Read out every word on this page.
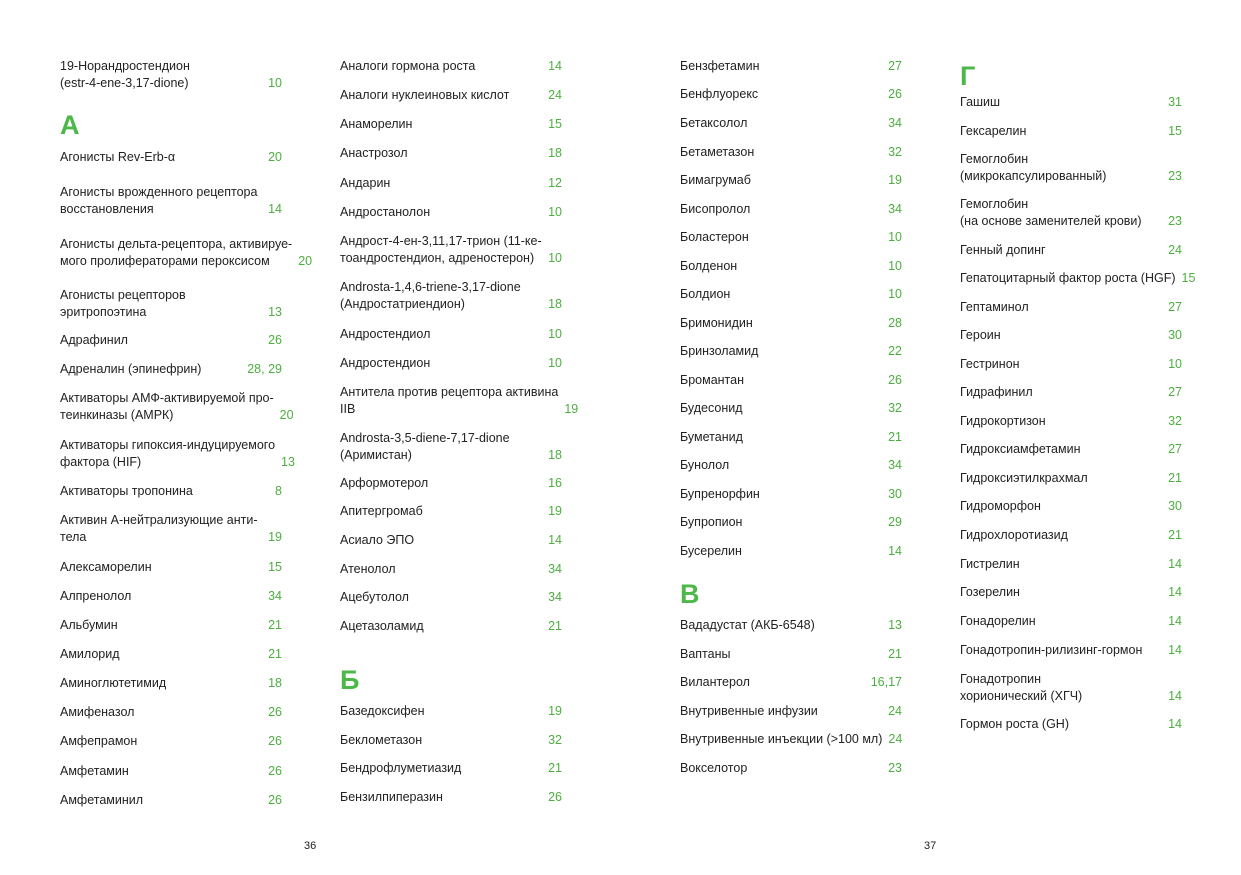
19-Норандростендион
(estr-4-ene-3,17-dione)	10
А
Агонисты Rev-Erb-α	20
Агонисты врожденного рецептора
восстановления	14
Агонисты дельта-рецептора, активируе-
мого пролифераторами пероксисом	20
Агонисты рецепторов
эритропоэтина	13
Адрафинил	26
Адреналин (эпинефрин)	28, 29
Активаторы АМФ-активируемой про-
теинкиназы (АМРК)	20
Активаторы гипоксия-индуцируемого
фактора (HIF)	13
Активаторы тропонина	8
Активин А-нейтрализующие анти-
тела	19
Алексаморелин	15
Алпренолол	34
Альбумин	21
Амилорид	21
Аминоглютетимид	18
Амифеназол	26
Амфепрамон	26
Амфетамин	26
Амфетаминил	26
Аналоги гормона роста	14
Аналоги нуклеиновых кислот	24
Анаморелин	15
Анастрозол	18
Андарин	12
Андростанолон	10
Андрост-4-ен-3,11,17-трион (11-ке-
тоандростендион, адреностерон)	10
Androsta-1,4,6-triene-3,17-dione
(Андростатриендион)	18
Андростендиол	10
Андростендион	10
Антитела против рецептора активина
IIB	19
Androsta-3,5-diene-7,17-dione
(Аримистан)	18
Арформотерол	16
Апитергромаб	19
Асиало ЭПО	14
Атенолол	34
Ацебутолол	34
Ацетазоламид	21
Б
Базедоксифен	19
Беклометазон	32
Бендрофлуметиазид	21
Бензилпиперазин	26
Бензфетамин	27
Бенфлуорекс	26
Бетаксолол	34
Бетаметазон	32
Бимагрумаб	19
Бисопролол	34
Боластерон	10
Болденон	10
Болдион	10
Бримонидин	28
Бринзоламид	22
Бромантан	26
Будесонид	32
Буметанид	21
Бунолол	34
Бупренорфин	30
Бупропион	29
Бусерелин	14
В
Вададустат (АКБ-6548)	13
Ваптаны	21
Вилантерол	16,17
Внутривенные инфузии	24
Внутривенные инъекции (>100 мл) 24
Вокселотор	23
Г
Гашиш	31
Гексарелин	15
Гемоглобин
(микрокапсулированный)	23
Гемоглобин
(на основе заменителей крови)	23
Генный допинг	24
Гепатоцитарный фактор роста (HGF) 15
Гептаминол	27
Героин	30
Гестринон	10
Гидрафинил	27
Гидрокортизон	32
Гидроксиамфетамин	27
Гидроксиэтилкрахмал	21
Гидроморфон	30
Гидрохлоротиазид	21
Гистрелин	14
Гозерелин	14
Гонадорелин	14
Гонадотропин-рилизинг-гормон	14
Гонадотропин
хорионический (ХГЧ)	14
Гормон роста (GH)	14
36	37
